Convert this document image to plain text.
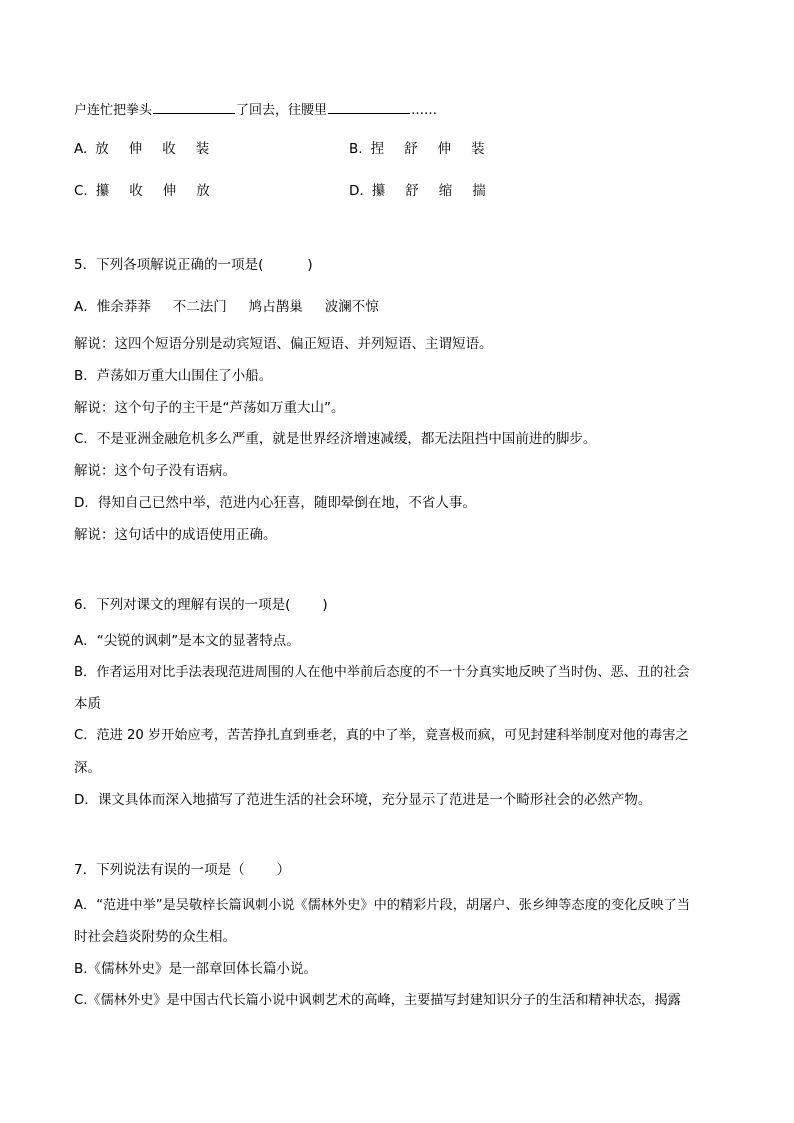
户连忙把拳头	了回去，往腰里	……
A. 放 伸 收 装	B. 捏 舒 伸 装
C. 攥 收 伸 放	D. 攥 舒 缩 揣
5．下列各项解说正确的一项是(	)
A．惟余莽莽 不二法门 鸠占鹊巢 波澜不惊
解说：这四个短语分别是动宾短语、偏正短语、并列短语、主谓短语。
B．芦荡如万重大山围住了小船。
解说：这个句子的主干是“芦荡如万重大山”。
C．不是亚洲金融危机多么严重，就是世界经济增速减缓，都无法阻挡中国前进的脚步。
解说：这个句子没有语病。
D．得知自己已然中举，范进内心狂喜，随即晕倒在地，不省人事。
解说：这句话中的成语使用正确。
6．下列对课文的理解有误的一项是( )
A．“尖锐的讽刺”是本文的显著特点。
B．作者运用对比手法表现范进周围的人在他中举前后态度的不一十分真实地反映了当时伪、恶、丑的社会
本质
C．范进 20 岁开始应考，苦苦挣扎直到垂老，真的中了举，竟喜极而疯，可见封建科举制度对他的毒害之
深。
D．课文具体而深入地描写了范进生活的社会环境，充分显示了范进是一个畸形社会的必然产物。
7．下列说法有误的一项是（ ）
A．“范进中举”是吴敬梓长篇讽刺小说《儒林外史》中的精彩片段，胡屠户、张乡绅等态度的变化反映了当
时社会趋炎附势的众生相。
B.《儒林外史》是一部章回体长篇小说。
C.《儒林外史》是中国古代长篇小说中讽刺艺术的高峰，主要描写封建知识分子的生活和精神状态，揭露
